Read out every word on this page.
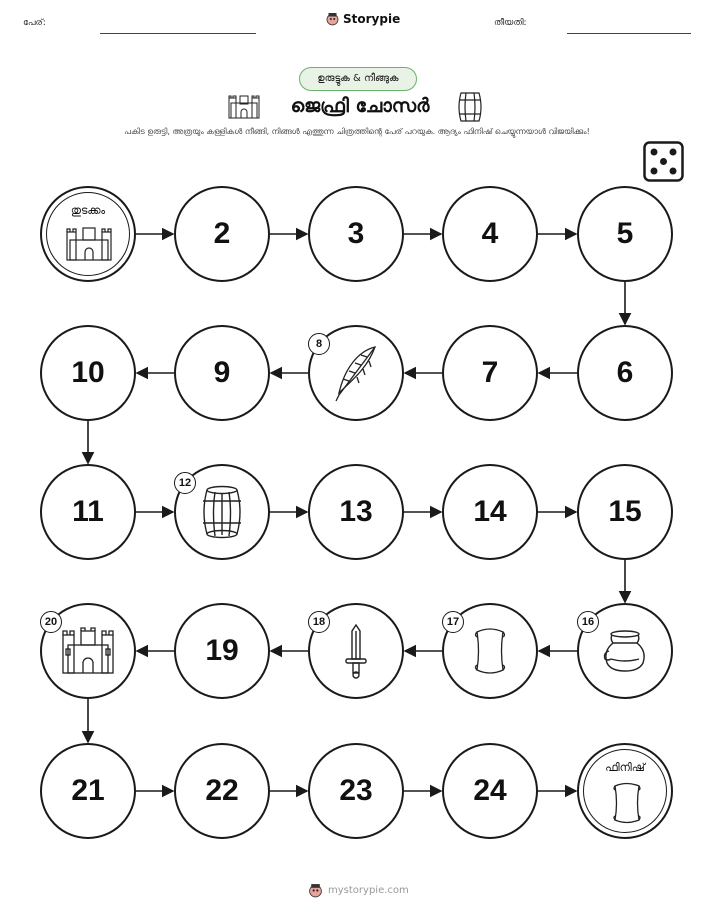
പേര്:	Storypie	തീയതി:
ഉരുട്ടുക & നീങ്ങുക
ജെഫ്രി ചോസർ
പകിട ഉരുട്ടി, അത്രയും കള്ളികൾ നീങ്ങി, നിങ്ങൾ എത്തുന്ന ചിത്രത്തിന്റെ പേര് പറയുക. ആദ്യം ഫിനിഷ് ചെയ്യുന്നയാൾ വിജയിക്കും!
തുടക്കം
2	3	4	5
10	9
8
7	6
11
12
13	14	15
20
19
18	17	16
21	22	23	24
ഫിനിഷ്
mystorypie.com
